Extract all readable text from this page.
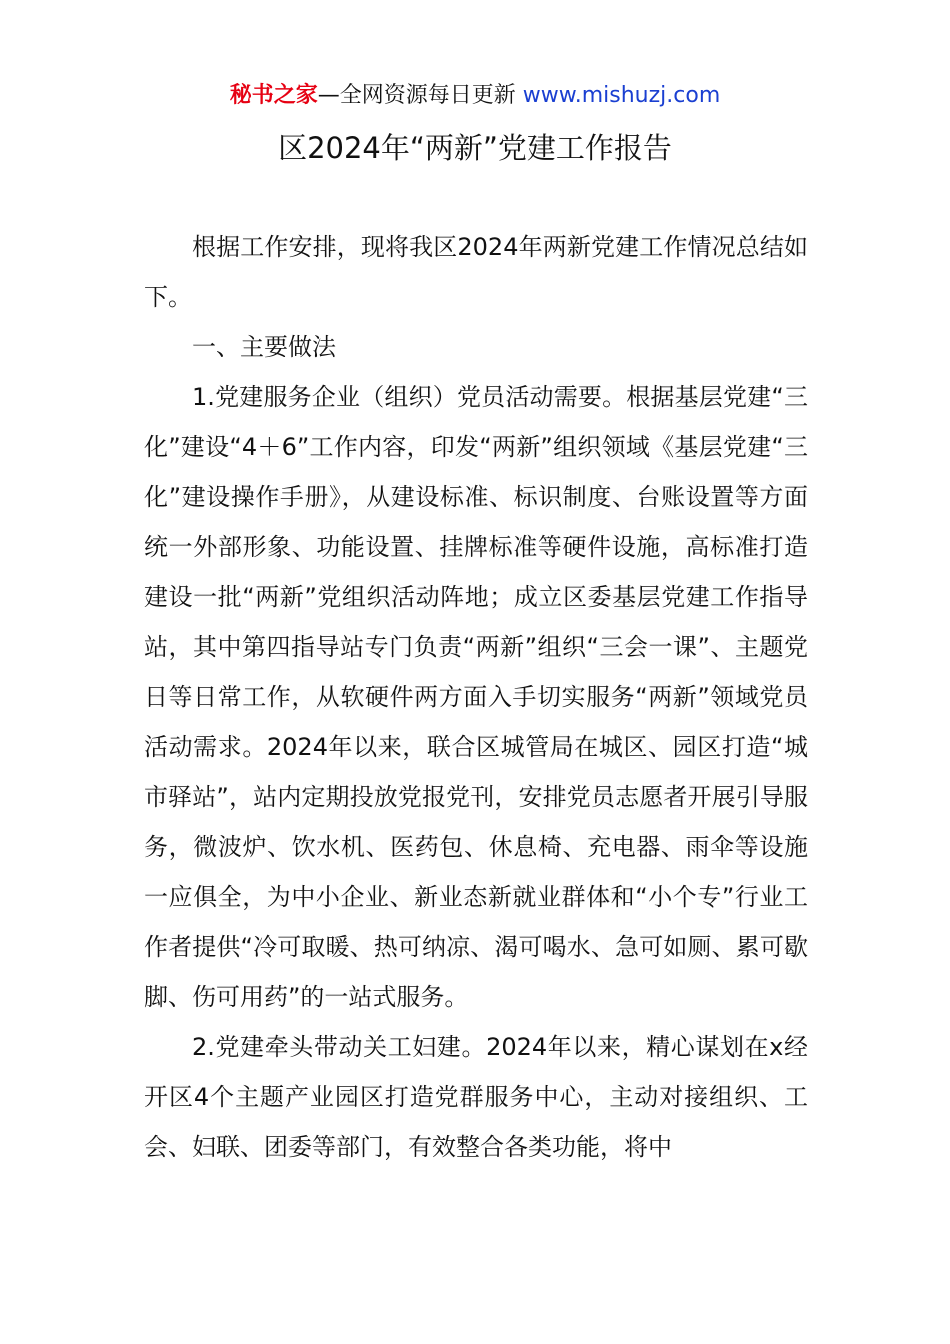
秘书之家—全网资源每日更新 www.mishuzj.com
区2024年“两新”党建工作报告

根据工作安排，现将我区2024年两新党建工作情况总结如下。

一、主要做法

1.党建服务企业（组织）党员活动需要。根据基层党建“三化”建设“4＋6”工作内容，印发“两新”组织领域《基层党建“三化”建设操作手册》，从建设标准、标识制度、台账设置等方面统一外部形象、功能设置、挂牌标准等硬件设施，高标准打造建设一批“两新”党组织活动阵地；成立区委基层党建工作指导站，其中第四指导站专门负责“两新”组织“三会一课”、主题党日等日常工作，从软硬件两方面入手切实服务“两新”领域党员活动需求。2024年以来，联合区城管局在城区、园区打造“城市驿站”，站内定期投放党报党刊，安排党员志愿者开展引导服务，微波炉、饮水机、医药包、休息椅、充电器、雨伞等设施一应俱全，为中小企业、新业态新就业群体和“小个专”行业工作者提供“冷可取暖、热可纳凉、渴可喝水、急可如厕、累可歇脚、伤可用药”的一站式服务。

2.党建牵头带动关工妇建。2024年以来，精心谋划在x经开区4个主题产业园区打造党群服务中心，主动对接组织、工会、妇联、团委等部门，有效整合各类功能，将中
